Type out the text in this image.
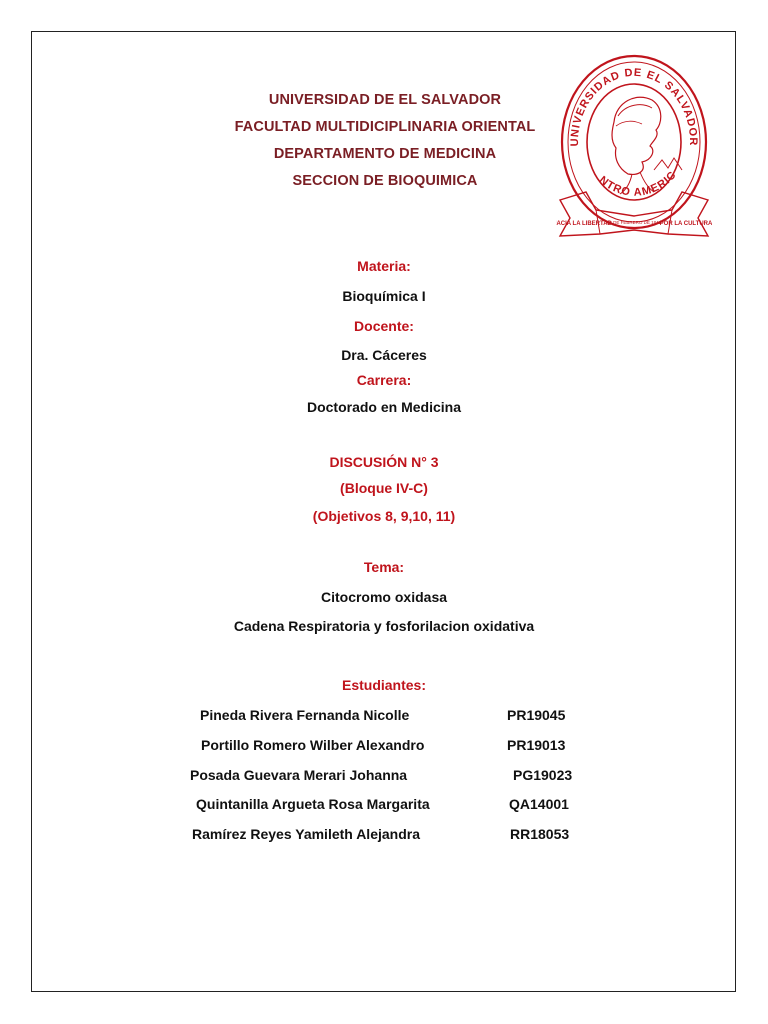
UNIVERSIDAD DE EL SALVADOR
FACULTAD MULTIDICIPLINARIA ORIENTAL
DEPARTAMENTO DE MEDICINA
SECCION DE BIOQUIMICA
UNIVERSIDAD DE EL SALVADOR
NTRO AMERIC
16 DE FEBRERO DE 1841
HACIA LA LIBERTAD	POR LA CULTURA
Materia:
Bioquímica I
Docente:
Dra. Cáceres
Carrera:
Doctorado en Medicina
DISCUSIÓN N° 3
(Bloque IV-C)
(Objetivos 8, 9,10, 11)
Tema:
Citocromo oxidasa
Cadena Respiratoria y fosforilacion oxidativa
Estudiantes:
Pineda Rivera Fernanda Nicolle	PR19045
Portillo Romero Wilber Alexandro	PR19013
Posada Guevara Merari Johanna	PG19023
Quintanilla Argueta Rosa Margarita	QA14001
Ramírez Reyes Yamileth Alejandra	RR18053
